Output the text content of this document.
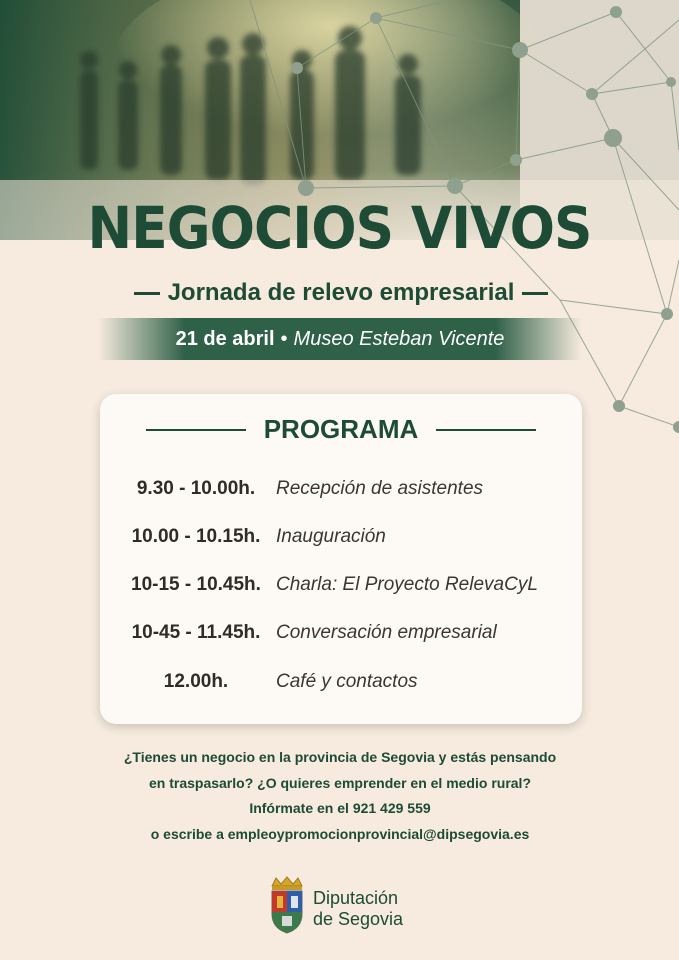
NEGOCIOS VIVOS
Jornada de relevo empresarial
21 de abril • Museo Esteban Vicente
PROGRAMA
9.30 - 10.00h.	Recepción de asistentes
10.00 - 10.15h. Inauguración
10-15 - 10.45h. Charla: El Proyecto RelevaCyL
10-45 - 11.45h. Conversación empresarial
12.00h.	Café y contactos
¿Tienes un negocio en la provincia de Segovia y estás pensando
en traspasarlo? ¿O quieres emprender en el medio rural?
Infórmate en el 921 429 559
o escribe a empleoypromocionprovincial@dipsegovia.es
Diputación
de Segovia
